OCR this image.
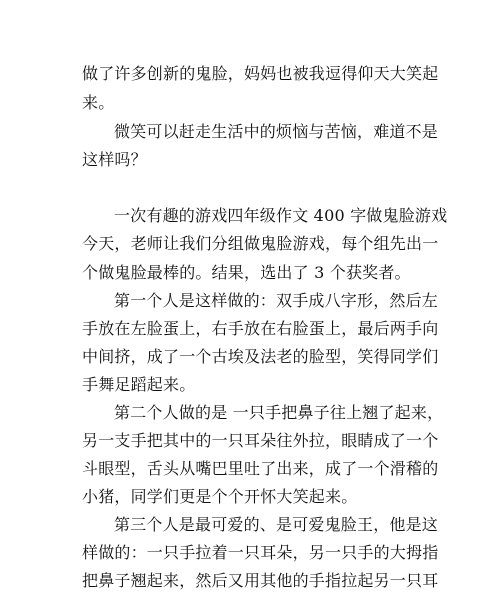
做了许多创新的鬼脸，妈妈也被我逗得仰天大笑起
来。
微笑可以赶走生活中的烦恼与苦恼，难道不是
这样吗？
一次有趣的游戏四年级作文 400 字做鬼脸游戏
今天，老师让我们分组做鬼脸游戏，每个组先出一
个做鬼脸最棒的。结果，选出了 3 个获奖者。
第一个人是这样做的：双手成八字形，然后左
手放在左脸蛋上，右手放在右脸蛋上，最后两手向
中间挤，成了一个古埃及法老的脸型，笑得同学们
手舞足蹈起来。
第二个人做的是 一只手把鼻子往上翘了起来，
另一支手把其中的一只耳朵往外拉，眼睛成了一个
斗眼型，舌头从嘴巴里吐了出来，成了一个滑稽的
小猪，同学们更是个个开怀大笑起来。
第三个人是最可爱的、是可爱鬼脸王，他是这
样做的：一只手拉着一只耳朵，另一只手的大拇指
把鼻子翘起来，然后又用其他的手指拉起另一只耳
